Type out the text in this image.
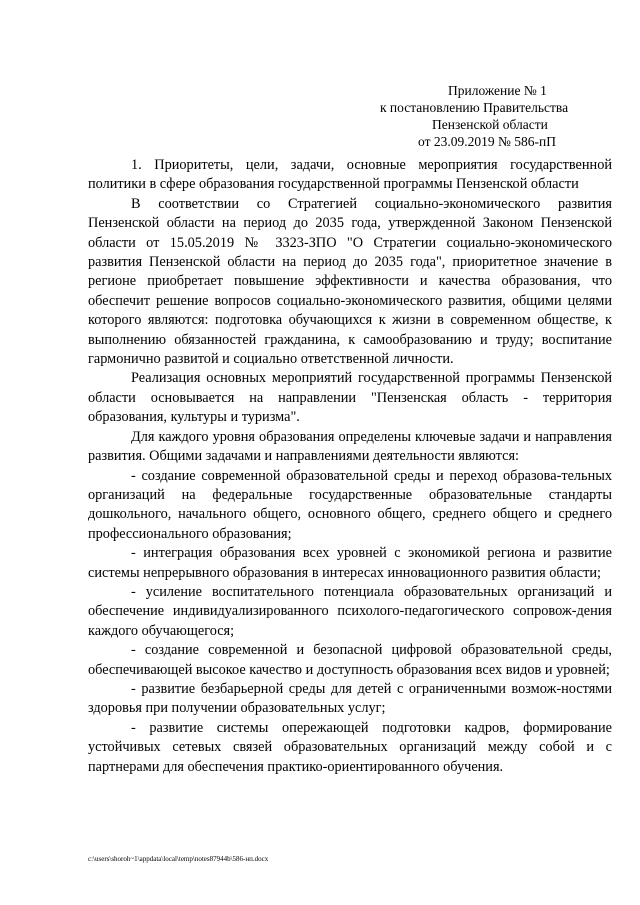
Приложение № 1
к постановлению Правительства
Пензенской области
от 23.09.2019 № 586-пП

1. Приоритеты, цели, задачи, основные мероприятия государственной политики в сфере образования государственной программы Пензенской области

В соответствии со Стратегией социально-экономического развития Пензенской области на период до 2035 года, утвержденной Законом Пензенской области от 15.05.2019 № 3323-ЗПО "О Стратегии социально-экономического развития Пензенской области на период до 2035 года", приоритетное значение в регионе приобретает повышение эффективности и качества образования, что обеспечит решение вопросов социально-экономического развития, общими целями которого являются: подготовка обучающихся к жизни в современном обществе, к выполнению обязанностей гражданина, к самообразованию и труду; воспитание гармонично развитой и социально ответственной личности.

Реализация основных мероприятий государственной программы Пензенской области основывается на направлении "Пензенская область - территория образования, культуры и туризма".

Для каждого уровня образования определены ключевые задачи и направления развития. Общими задачами и направлениями деятельности являются:

- создание современной образовательной среды и переход образова-тельных организаций на федеральные государственные образовательные стандарты дошкольного, начального общего, основного общего, среднего общего и среднего профессионального образования;

- интеграция образования всех уровней с экономикой региона и развитие системы непрерывного образования в интересах инновационного развития области;

- усиление воспитательного потенциала образовательных организаций и обеспечение индивидуализированного психолого-педагогического сопровож-дения каждого обучающегося;

- создание современной и безопасной цифровой образовательной среды, обеспечивающей высокое качество и доступность образования всех видов и уровней;

- развитие безбарьерной среды для детей с ограниченными возмож-ностями здоровья при получении образовательных услуг;

- развитие системы опережающей подготовки кадров, формирование устойчивых сетевых связей образовательных организаций между собой и с партнерами для обеспечения практико-ориентированного обучения.

c:\users\shoroh~1\appdata\local\temp\notes87944b\586-нп.docx
